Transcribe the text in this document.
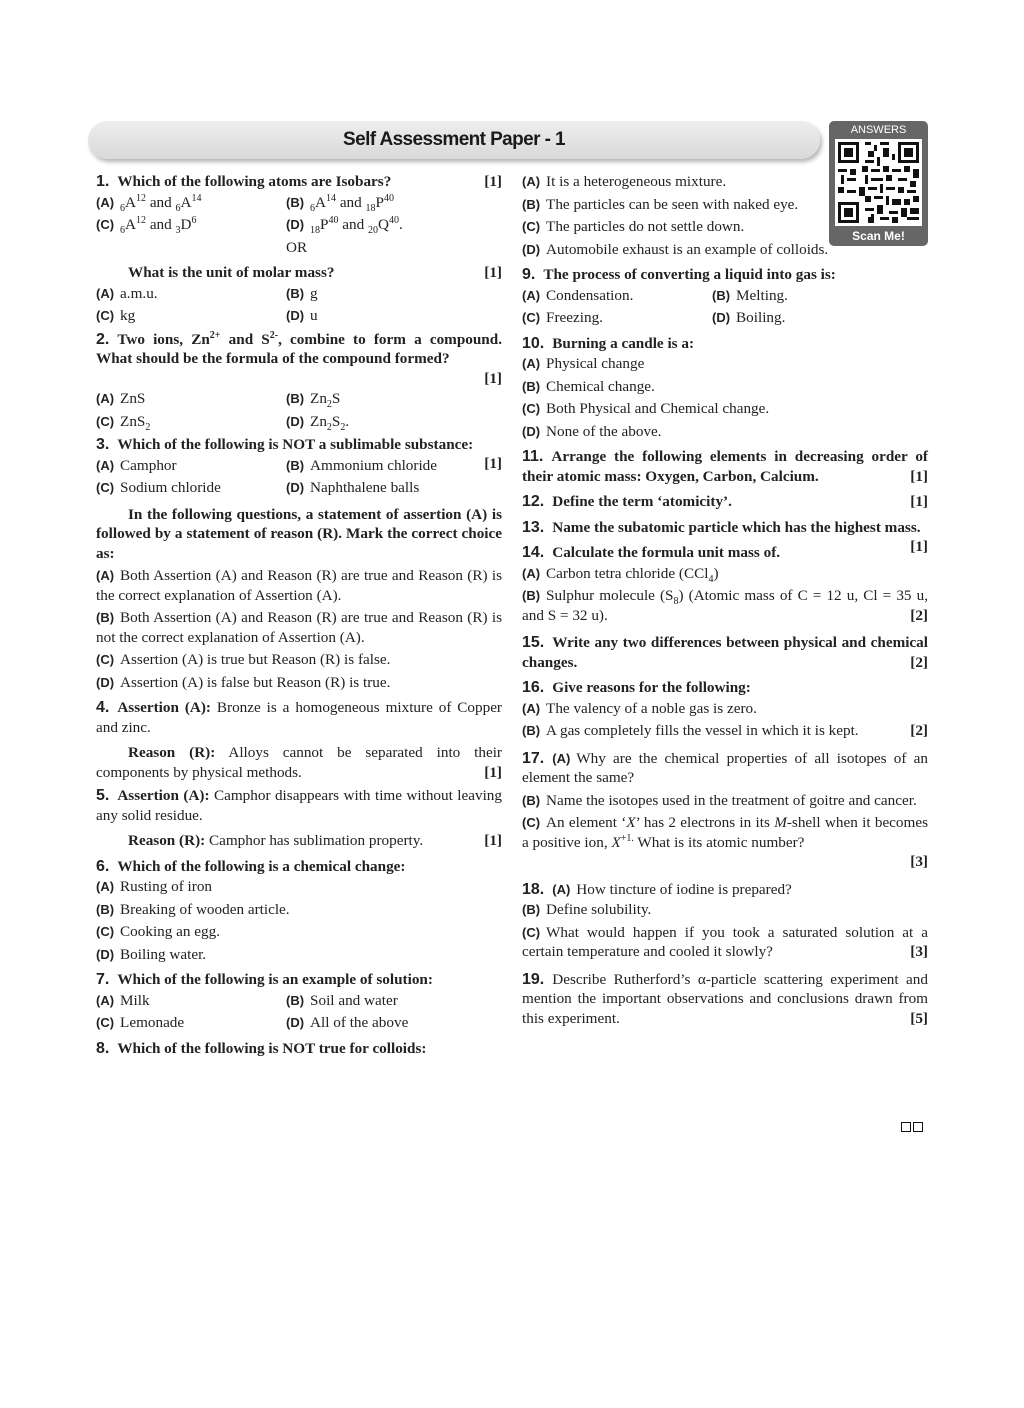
Self Assessment Paper - 1	ANSWERS
Scan Me!
[1]
1. Which of the following atoms are Isobars?
(A) $_6A^{12}$ and $_6A^{14}$	(B) $_6A^{14}$ and $_{18}P^{40}$
(C) $_6A^{12}$ and $_3D^6$	(D) $_{18}P^{40}$ and $_{20}Q^{40}$.
OR
[1]
What is the unit of molar mass?
(A) a.m.u.	(B) g
(C) kg	(D) u
2. Two ions, $Zn^{2+}$ and $S^{2-}$, combine to form a compound. What should be the formula of the compound formed?
[1]
(A) ZnS	(B) $Zn_2S$
(C) ZnS$_2$	(D) $Zn_2S_2$.
[1]
3. Which of the following is NOT a sublimable substance:
(A) Camphor	(B) Ammonium chloride
(C) Sodium chloride	(D) Naphthalene balls
In the following questions, a statement of assertion (A) is followed by a statement of reason (R). Mark the correct choice as:
(A) Both Assertion (A) and Reason (R) are true and Reason (R) is the correct explanation of Assertion (A).
(B) Both Assertion (A) and Reason (R) are true and Reason (R) is not the correct explanation of Assertion (A).
(C) Assertion (A) is true but Reason (R) is false.
(D) Assertion (A) is false but Reason (R) is true.
4. Assertion (A): Bronze is a homogeneous mixture of Copper and zinc.
Reason (R): Alloys cannot be separated into their components by physical methods.	[1]
5. Assertion (A): Camphor disappears with time without leaving any solid residue.
[1]
Reason (R): Camphor has sublimation property.
6. Which of the following is a chemical change:
(A) Rusting of iron
(B) Breaking of wooden article.
(C) Cooking an egg.
(D) Boiling water.
7. Which of the following is an example of solution:
(A) Milk	(B) Soil and water
(C) Lemonade	(D) All of the above
8. Which of the following is NOT true for colloids:
(A) It is a heterogeneous mixture.
(B) The particles can be seen with naked eye.
(C) The particles do not settle down.
(D) Automobile exhaust is an example of colloids.
9. The process of converting a liquid into gas is:
(A) Condensation.	(B) Melting.
(C) Freezing.	(D) Boiling.
10. Burning a candle is a:
(A) Physical change
(B) Chemical change.
(C) Both Physical and Chemical change.
(D) None of the above.
11. Arrange the following elements in decreasing order of their atomic mass: Oxygen, Carbon, Calcium.	[1]
[1]
12. Define the term ‘atomicity’.
13. Name the subatomic particle which has the highest mass.
[1]
14. Calculate the formula unit mass of.
(A) Carbon tetra chloride (CCl$_4$)
(B) Sulphur molecule $(S_8)$ (Atomic mass of C = 12 u, Cl = 35 u, and S = 32 u).	[2]
15. Write any two differences between physical and chemical changes.	[2]
16. Give reasons for the following:
(A) The valency of a noble gas is zero.
[2]
(B) A gas completely fills the vessel in which it is kept.
17. (A) Why are the chemical properties of all isotopes of an element the same?
(B) Name the isotopes used in the treatment of goitre and cancer.
(C) An element ‘X’ has 2 electrons in its M-shell when it becomes a positive ion, $X^{+1.}$ What is its atomic number?
[3]
18. (A) How tincture of iodine is prepared?
(B) Define solubility.
(C) What would happen if you took a saturated solution at a certain temperature and cooled it slowly?	[3]
19. Describe Rutherford’s α-particle scattering experiment and mention the important observations and conclusions drawn from this experiment.	[5]
